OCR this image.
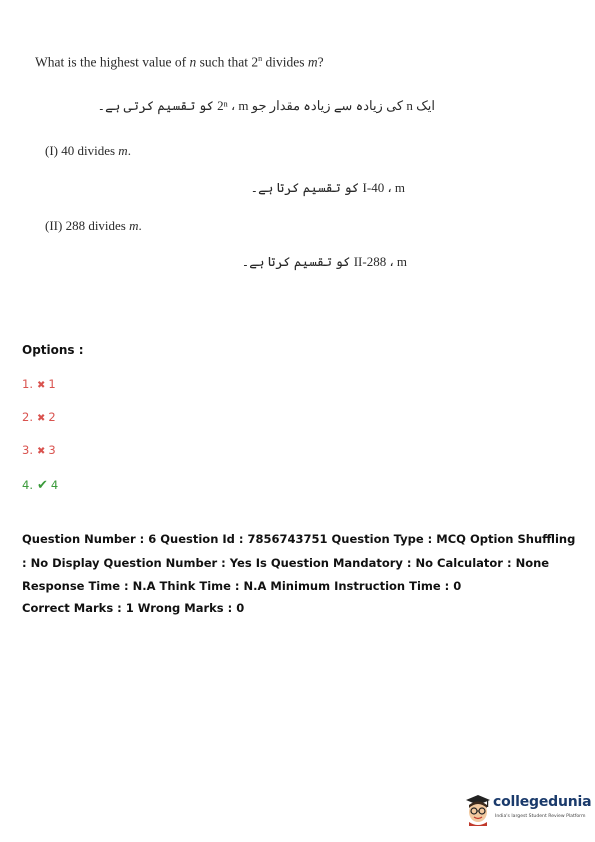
What is the highest value of n such that 2$^n$ divides m?
ایک n کی زیادہ سے زیادہ مقدار جو 2ⁿ ، m کو تقسیم کرتی ہے۔
(I) 40 divides m.
I-40 ، m کو تقسیم کرتا ہے۔
(II) 288 divides m.
II-288 ، m کو تقسیم کرتا ہے۔
Options :
1. ✖ 1
2. ✖ 2
3. ✖ 3
4. ✔ 4
Question Number : 6 Question Id : 7856743751 Question Type : MCQ Option Shuffling : No Display Question Number : Yes Is Question Mandatory : No Calculator : None Response Time : N.A Think Time : N.A Minimum Instruction Time : 0
Correct Marks : 1 Wrong Marks : 0
collegedunia
India's largest Student Review Platform
